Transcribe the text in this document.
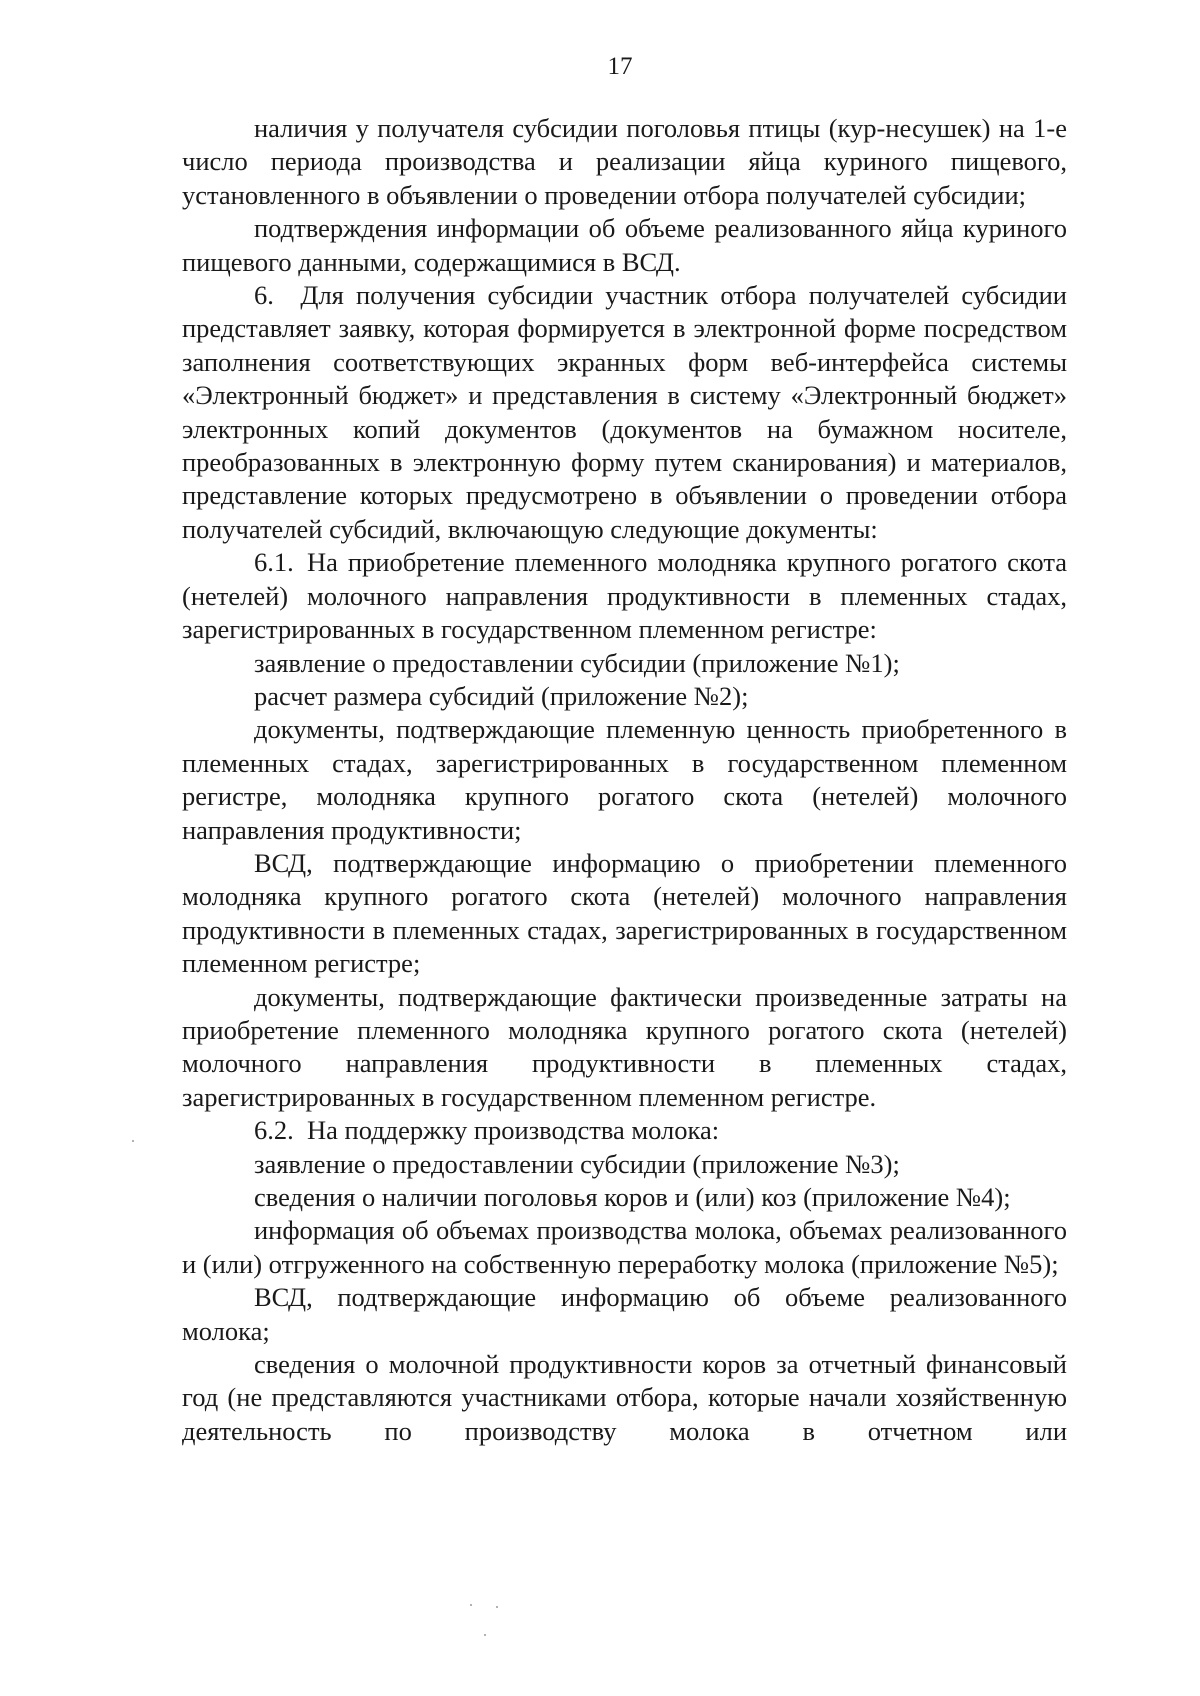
17

наличия у получателя субсидии поголовья птицы (кур-несушек) на 1-е число периода производства и реализации яйца куриного пищевого, установленного в объявлении о проведении отбора получателей субсидии;

подтверждения информации об объеме реализованного яйца куриного пищевого данными, содержащимися в ВСД.

6. Для получения субсидии участник отбора получателей субсидии представляет заявку, которая формируется в электронной форме посредством заполнения соответствующих экранных форм веб-интерфейса системы «Электронный бюджет» и представления в систему «Электронный бюджет» электронных копий документов (документов на бумажном носителе, преобразованных в электронную форму путем сканирования) и материалов, представление которых предусмотрено в объявлении о проведении отбора получателей субсидий, включающую следующие документы:

6.1. На приобретение племенного молодняка крупного рогатого скота (нетелей) молочного направления продуктивности в племенных стадах, зарегистрированных в государственном племенном регистре:

заявление о предоставлении субсидии (приложение №1);

расчет размера субсидий (приложение №2);

документы, подтверждающие племенную ценность приобретенного в племенных стадах, зарегистрированных в государственном племенном регистре, молодняка крупного рогатого скота (нетелей) молочного направления продуктивности;

ВСД, подтверждающие информацию о приобретении племенного молодняка крупного рогатого скота (нетелей) молочного направления продуктивности в племенных стадах, зарегистрированных в государственном племенном регистре;

документы, подтверждающие фактически произведенные затраты на приобретение племенного молодняка крупного рогатого скота (нетелей) молочного направления продуктивности в племенных стадах, зарегистрированных в государственном племенном регистре.

6.2. На поддержку производства молока:

заявление о предоставлении субсидии (приложение №3);

сведения о наличии поголовья коров и (или) коз (приложение №4);

информация об объемах производства молока, объемах реализованного и (или) отгруженного на собственную переработку молока (приложение №5);

ВСД, подтверждающие информацию об объеме реализованного молока;

сведения о молочной продуктивности коров за отчетный финансовый год (не представляются участниками отбора, которые начали хозяйственную деятельность по производству молока в отчетном или
